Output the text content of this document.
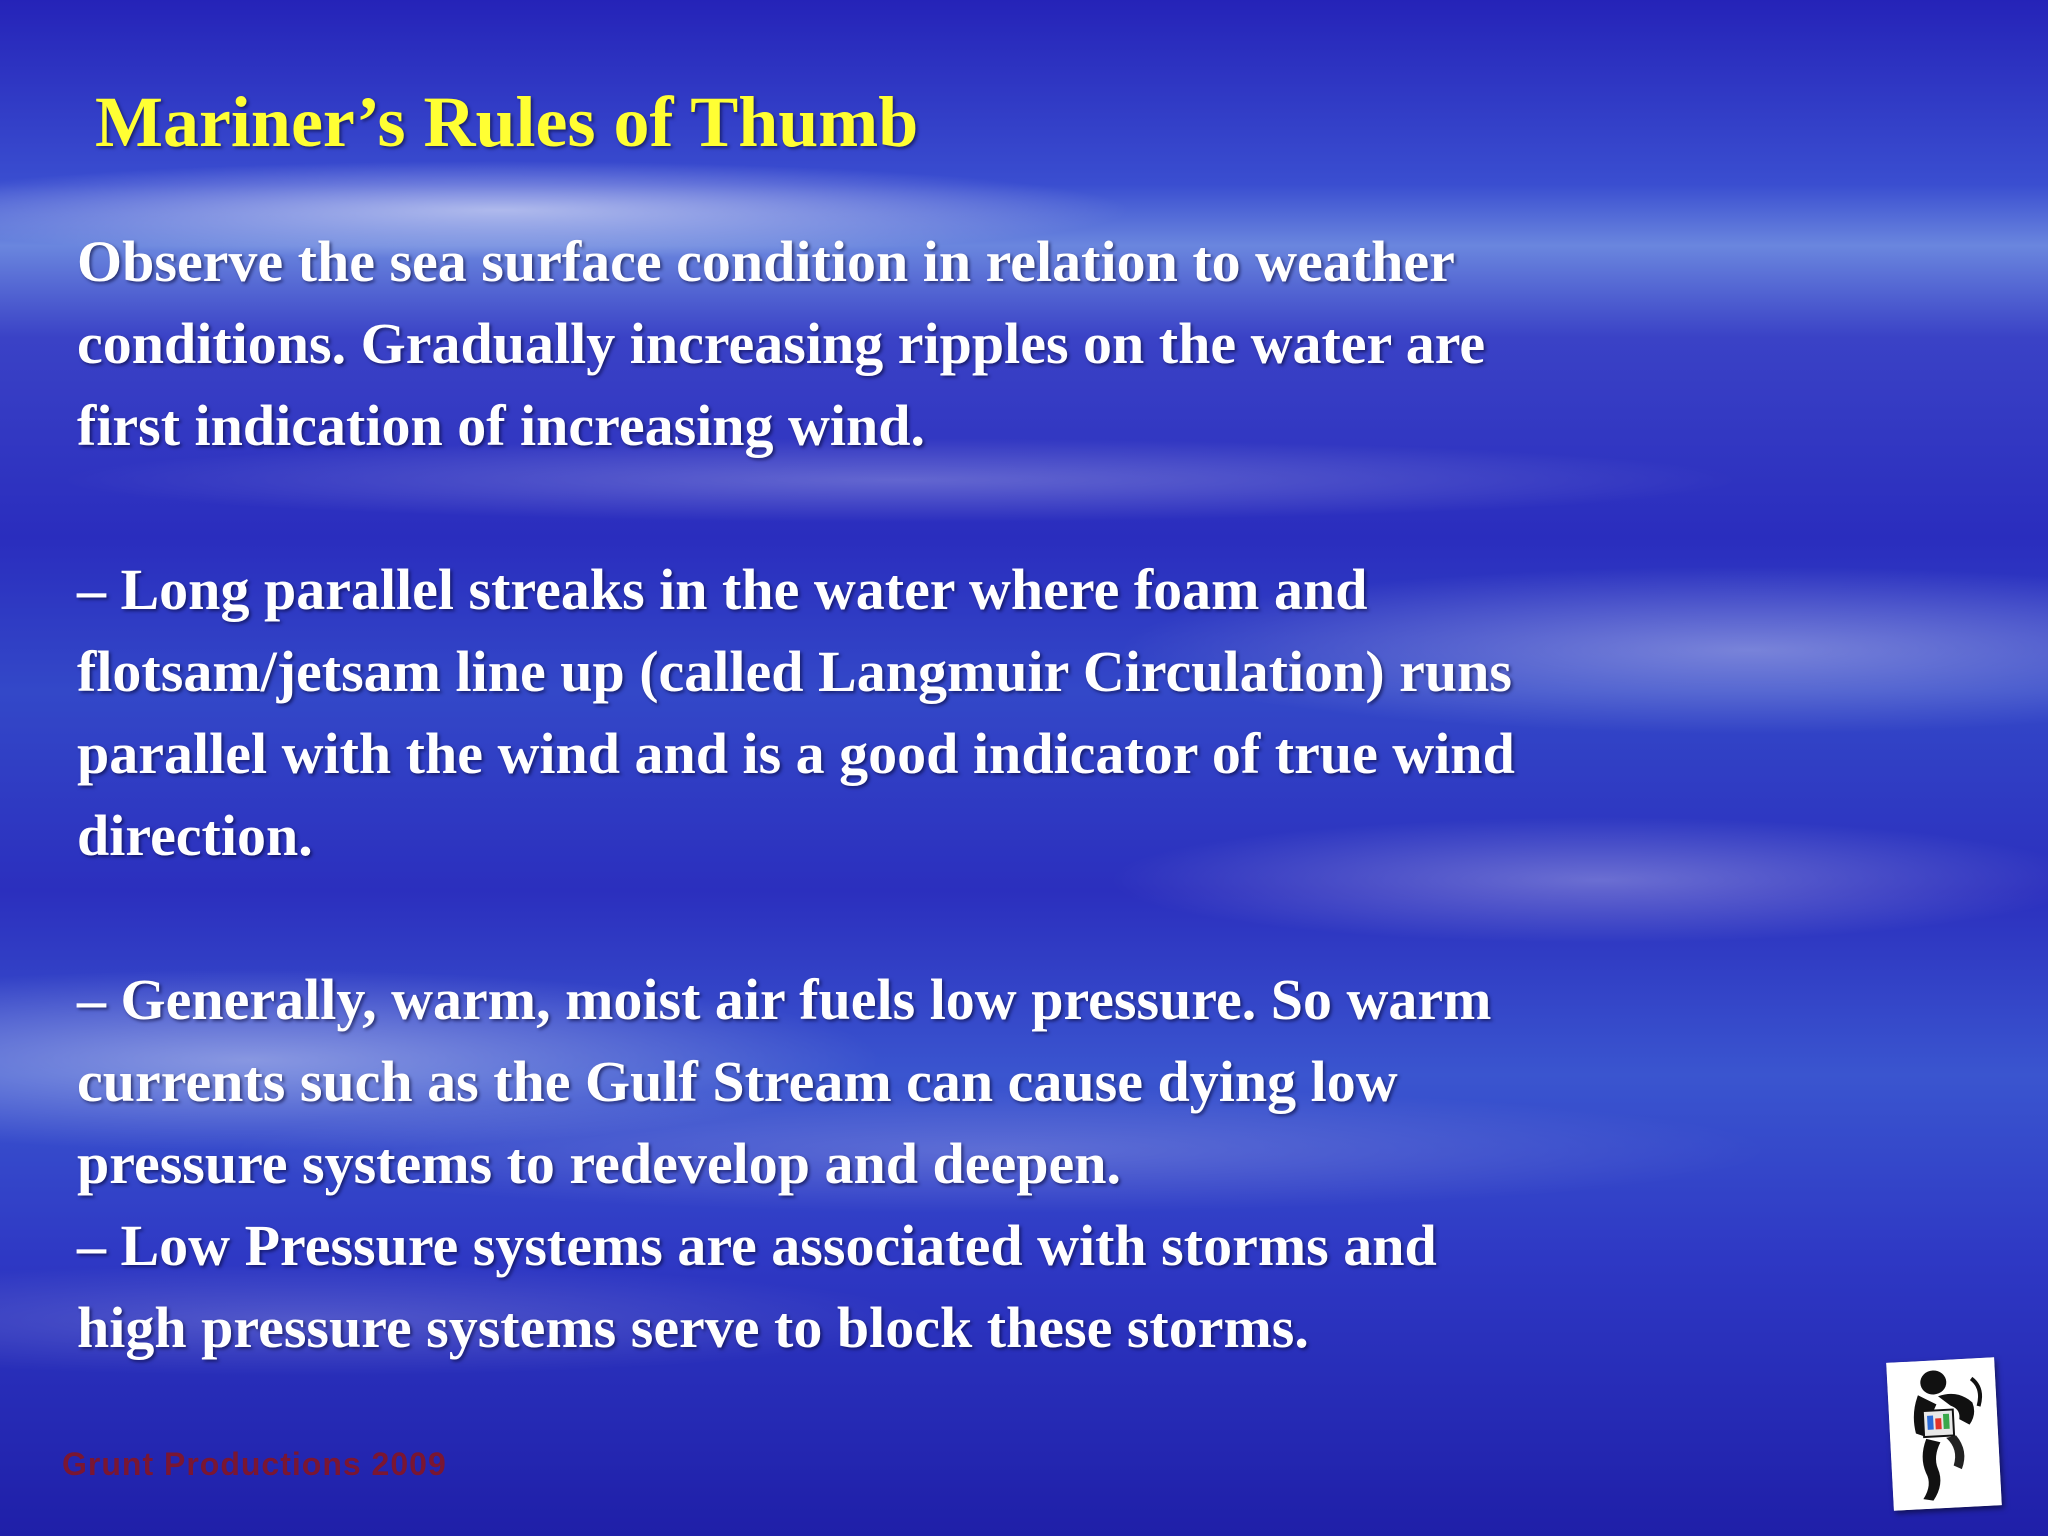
Mariner’s Rules of Thumb

Observe the sea surface condition in relation to weather
conditions. Gradually increasing ripples on the water are
first indication of increasing wind.

– Long parallel streaks in the water where foam and
flotsam/jetsam line up (called Langmuir Circulation) runs
parallel with the wind and is a good indicator of true wind
direction.

– Generally, warm, moist air fuels low pressure. So warm
currents such as the Gulf Stream can cause dying low
pressure systems to redevelop and deepen.

– Low Pressure systems are associated with storms and
high pressure systems serve to block these storms.

Grunt Productions 2009
